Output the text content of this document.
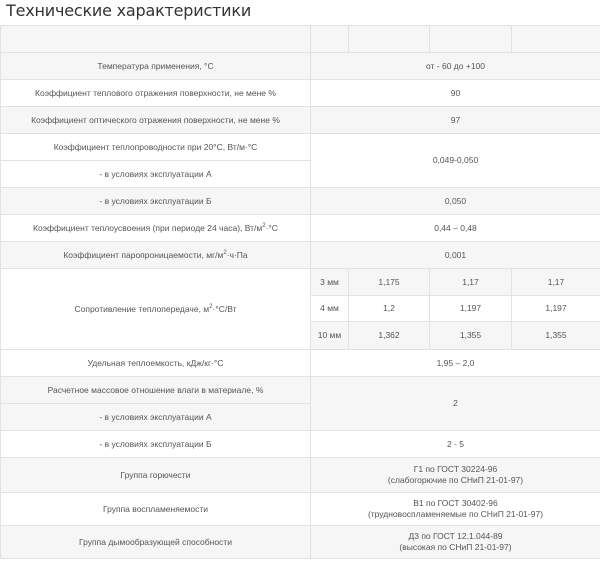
Технические характеристики

Температура применения, °С	от - 60 до +100			
Коэффициент теплового отражения поверхности, не мене %	90			
Коэффициент оптического отражения поверхности, не мене %	97			
Коэффициент теплопроводности при 20°С, Вт/м·°С	0,049-0,050			
- в условиях эксплуатации А				
- в условиях эксплуатации Б	0,050			
Коэффициент теплоусвоения (при периоде 24 часа), $Вт/м^2\cdot^\circ С$	0,44 – 0,48			
Коэффициент паропроницаемости, $мг/м^2\cdot ч\cdot Па$	0,001			
Сопротивление теплопередаче, $м^2\cdot^\circ С/Вт$	3 мм	1,175	1,17	1,17
	4 мм	1,2	1,197	1,197
	10 мм	1,362	1,355	1,355
Удельная теплоемкость, кДж/кг·°С	1,95 – 2,0			
Расчетное массовое отношение влаги в материале, %	2			
- в условиях эксплуатации А				
- в условиях эксплуатации Б	2 - 5			
Группа горючести	Г1 по ГОСТ 30224-96
(слабогорючие по СНиП 21-01-97)			

Группа воспламеняемости	В1 по ГОСТ 30402-96
(трудновоспламеняемые по СНиП 21-01-97)			

Группа дымообразующей способности	Д3 по ГОСТ 12.1.044-89
(высокая по СНиП 21-01-97)			
